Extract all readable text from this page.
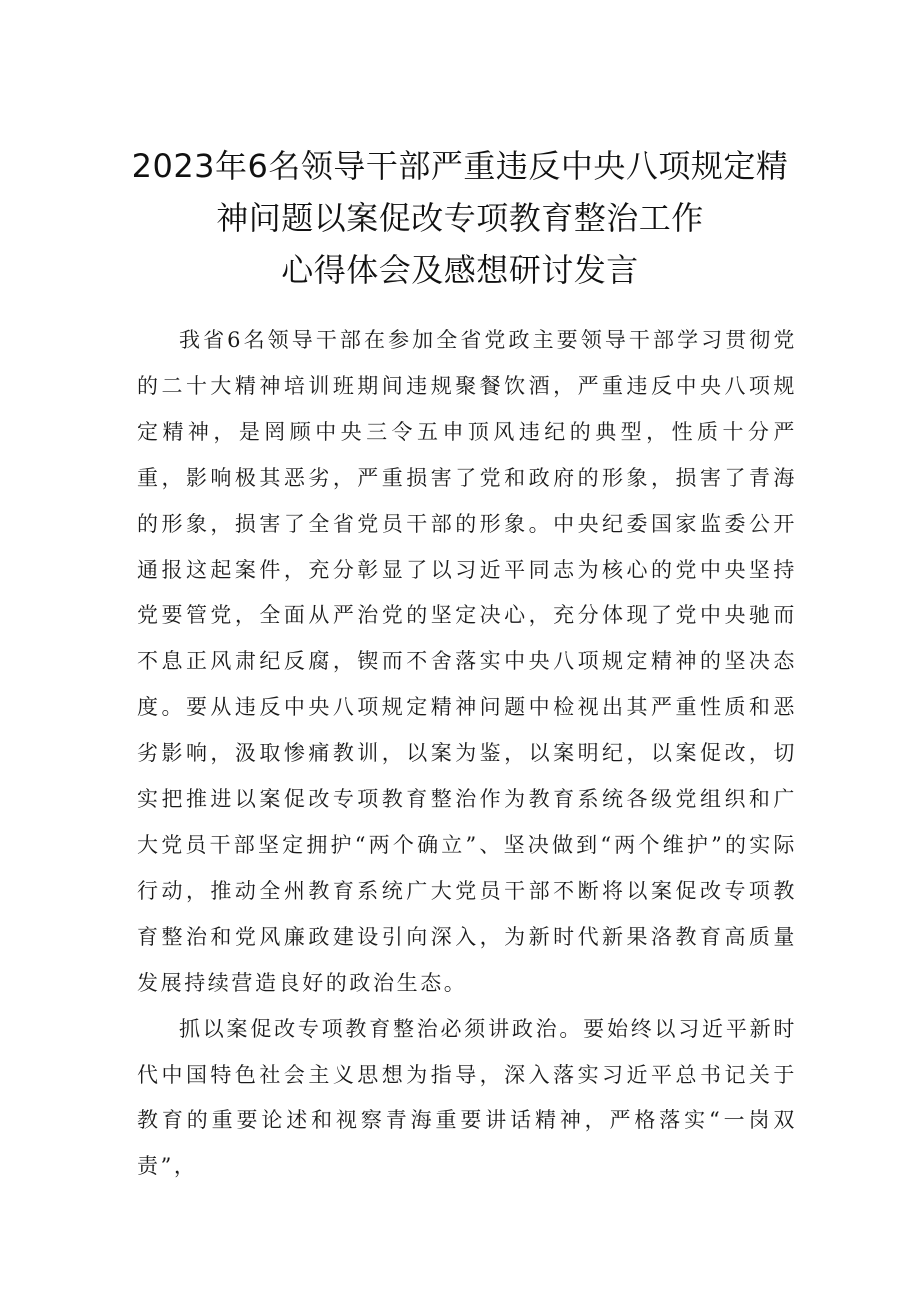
2023年6名领导干部严重违反中央八项规定精
神问题以案促改专项教育整治工作
心得体会及感想研讨发言

我省6名领导干部在参加全省党政主要领导干部学习贯彻党的二十大精神培训班期间违规聚餐饮酒，严重违反中央八项规定精神，是罔顾中央三令五申顶风违纪的典型，性质十分严重，影响极其恶劣，严重损害了党和政府的形象，损害了青海的形象，损害了全省党员干部的形象。中央纪委国家监委公开通报这起案件，充分彰显了以习近平同志为核心的党中央坚持党要管党，全面从严治党的坚定决心，充分体现了党中央驰而不息正风肃纪反腐，锲而不舍落实中央八项规定精神的坚决态度。要从违反中央八项规定精神问题中检视出其严重性质和恶劣影响，汲取惨痛教训，以案为鉴，以案明纪，以案促改，切实把推进以案促改专项教育整治作为教育系统各级党组织和广大党员干部坚定拥护“两个确立”、坚决做到“两个维护”的实际行动，推动全州教育系统广大党员干部不断将以案促改专项教育整治和党风廉政建设引向深入，为新时代新果洛教育高质量发展持续营造良好的政治生态。

抓以案促改专项教育整治必须讲政治。要始终以习近平新时代中国特色社会主义思想为指导，深入落实习近平总书记关于教育的重要论述和视察青海重要讲话精神，严格落实“一岗双责”，
